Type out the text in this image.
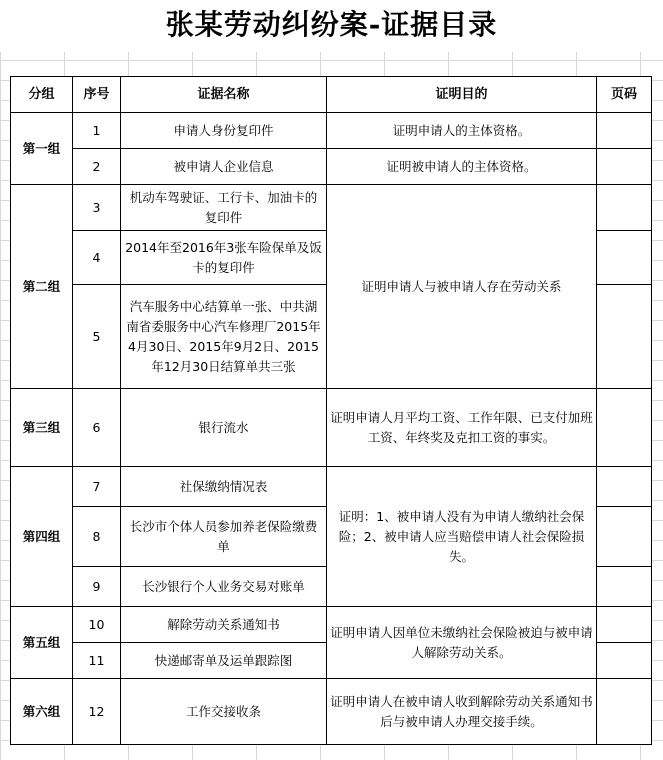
张某劳动纠纷案-证据目录
分组	序号	证据名称	证明目的	页码
第一组	1	申请人身份复印件	证明申请人的主体资格。	
	2	被申请人企业信息	证明被申请人的主体资格。	
第二组	3	机动车驾驶证、工行卡、加油卡的复印件	证明申请人与被申请人存在劳动关系	
	4	2014年至2016年3张车险保单及饭卡的复印件		
	5	汽车服务中心结算单一张、中共湖南省委服务中心汽车修理厂2015年4月30日、2015年9月2日、2015年12月30日结算单共三张		
第三组	6	银行流水	证明申请人月平均工资、工作年限、已支付加班工资、年终奖及克扣工资的事实。	
第四组	7	社保缴纳情况表	证明：1、被申请人没有为申请人缴纳社会保险；2、被申请人应当赔偿申请人社会保险损失。	
	8	长沙市个体人员参加养老保险缴费单		
	9	长沙银行个人业务交易对账单		
第五组	10	解除劳动关系通知书	证明申请人因单位未缴纳社会保险被迫与被申请人解除劳动关系。	
	11	快递邮寄单及运单跟踪图		
第六组	12	工作交接收条	证明申请人在被申请人收到解除劳动关系通知书后与被申请人办理交接手续。	
